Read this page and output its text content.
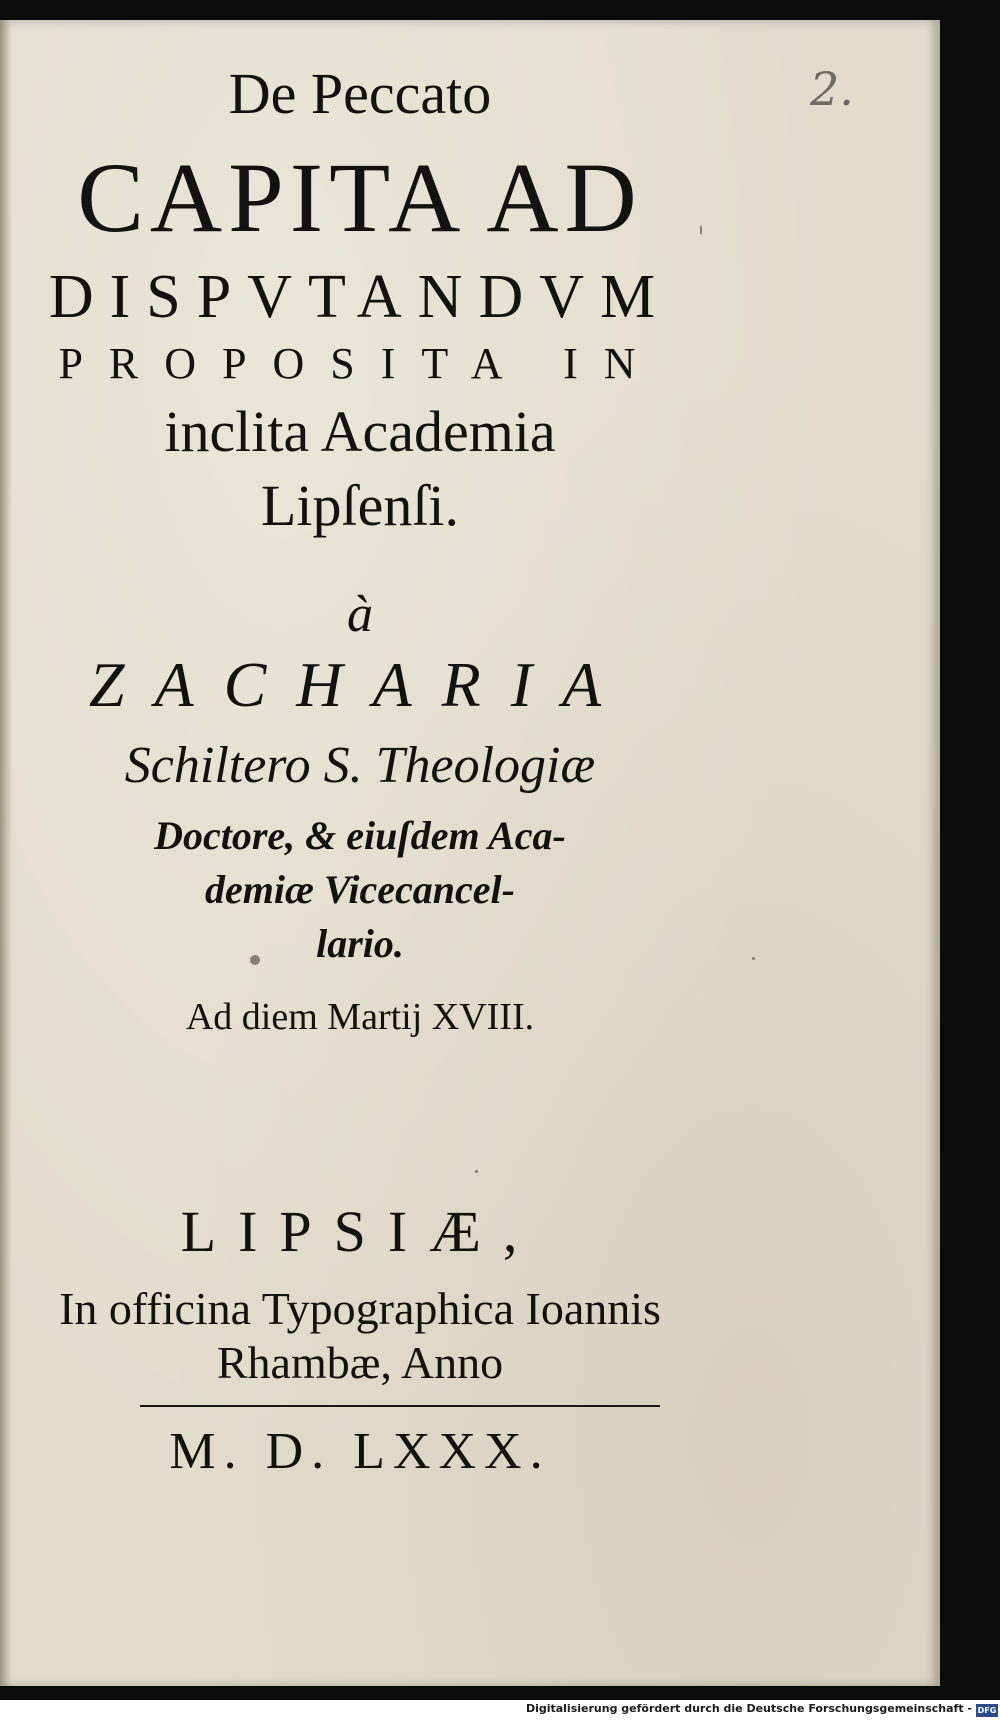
2.
De Peccato
CAPITA AD
DISPVTANDVM
PROPOSITA IN
inclita Academia
Lipſenſi.
à
ZACHARIA
Schiltero S. Theologiæ
Doctore, & eiuſdem Aca-
demiæ Vicecancel-
lario.
Ad diem Martij XVIII.
LIPSIÆ,
In officina Typographica Ioannis
Rhambæ, Anno
M. D. LXXX.
Digitalisierung gefördert durch die Deutsche Forschungsgemeinschaft - DFG
